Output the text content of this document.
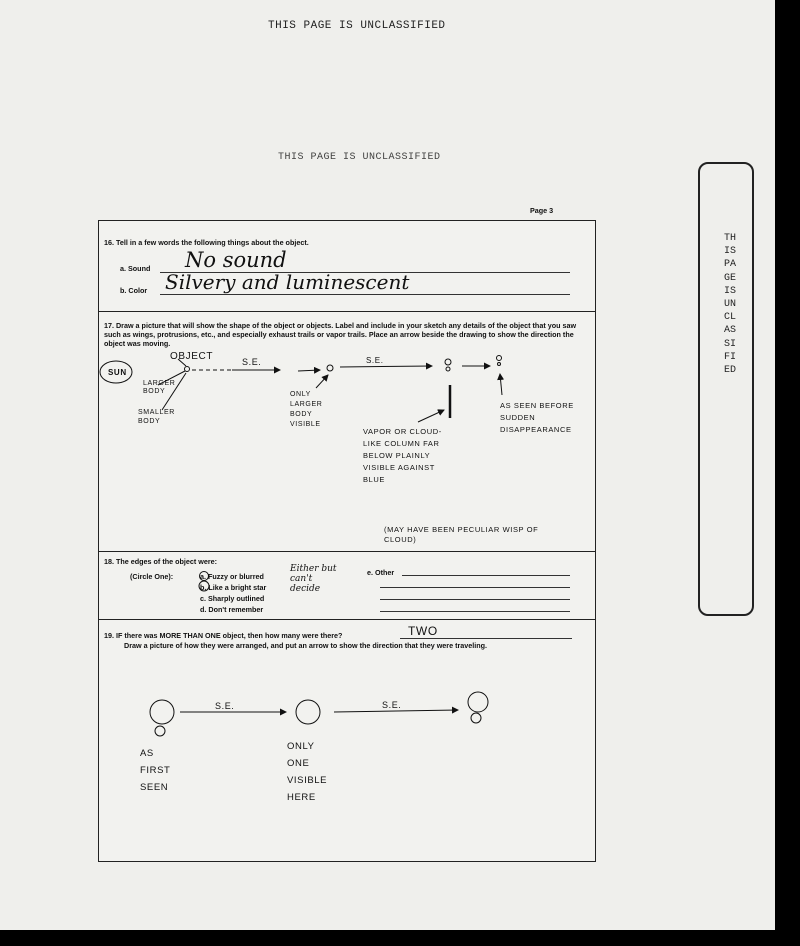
THIS PAGE IS UNCLASSIFIED
THIS PAGE IS UNCLASSIFIED
THISPAGEISUNCLASSIFIED
Page 3
16. Tell in a few words the following things about the object.
a. Sound No sound
b. Color Silvery and luminescent
17. Draw a picture that will show the shape of the object or objects. Label and include in your sketch any details of the object that you saw such as wings, protrusions, etc., and especially exhaust trails or vapor trails. Place an arrow beside the drawing to show the direction the object was moving.
OBJECT
SUN
LARGER BODY
SMALLER BODY
S.E.	S.E.
ONLY LARGER BODY VISIBLE
VAPOR OR CLOUD-LIKE COLUMN FAR BELOW PLAINLY VISIBLE AGAINST BLUE
(MAY HAVE BEEN PECULIAR WISP OF CLOUD)
AS SEEN BEFORE SUDDEN DISAPPEARANCE
18. The edges of the object were:
(Circle One):	a. Fuzzy or blurred
b. Like a bright star
c. Sharply outlined
d. Don't remember
Either but can't decide
e. Other
19. IF there was MORE THAN ONE object, then how many were there?	TWO
Draw a picture of how they were arranged, and put an arrow to show the direction that they were traveling.
S.E.	S.E.
AS FIRST SEEN
ONLY ONE VISIBLE HERE
